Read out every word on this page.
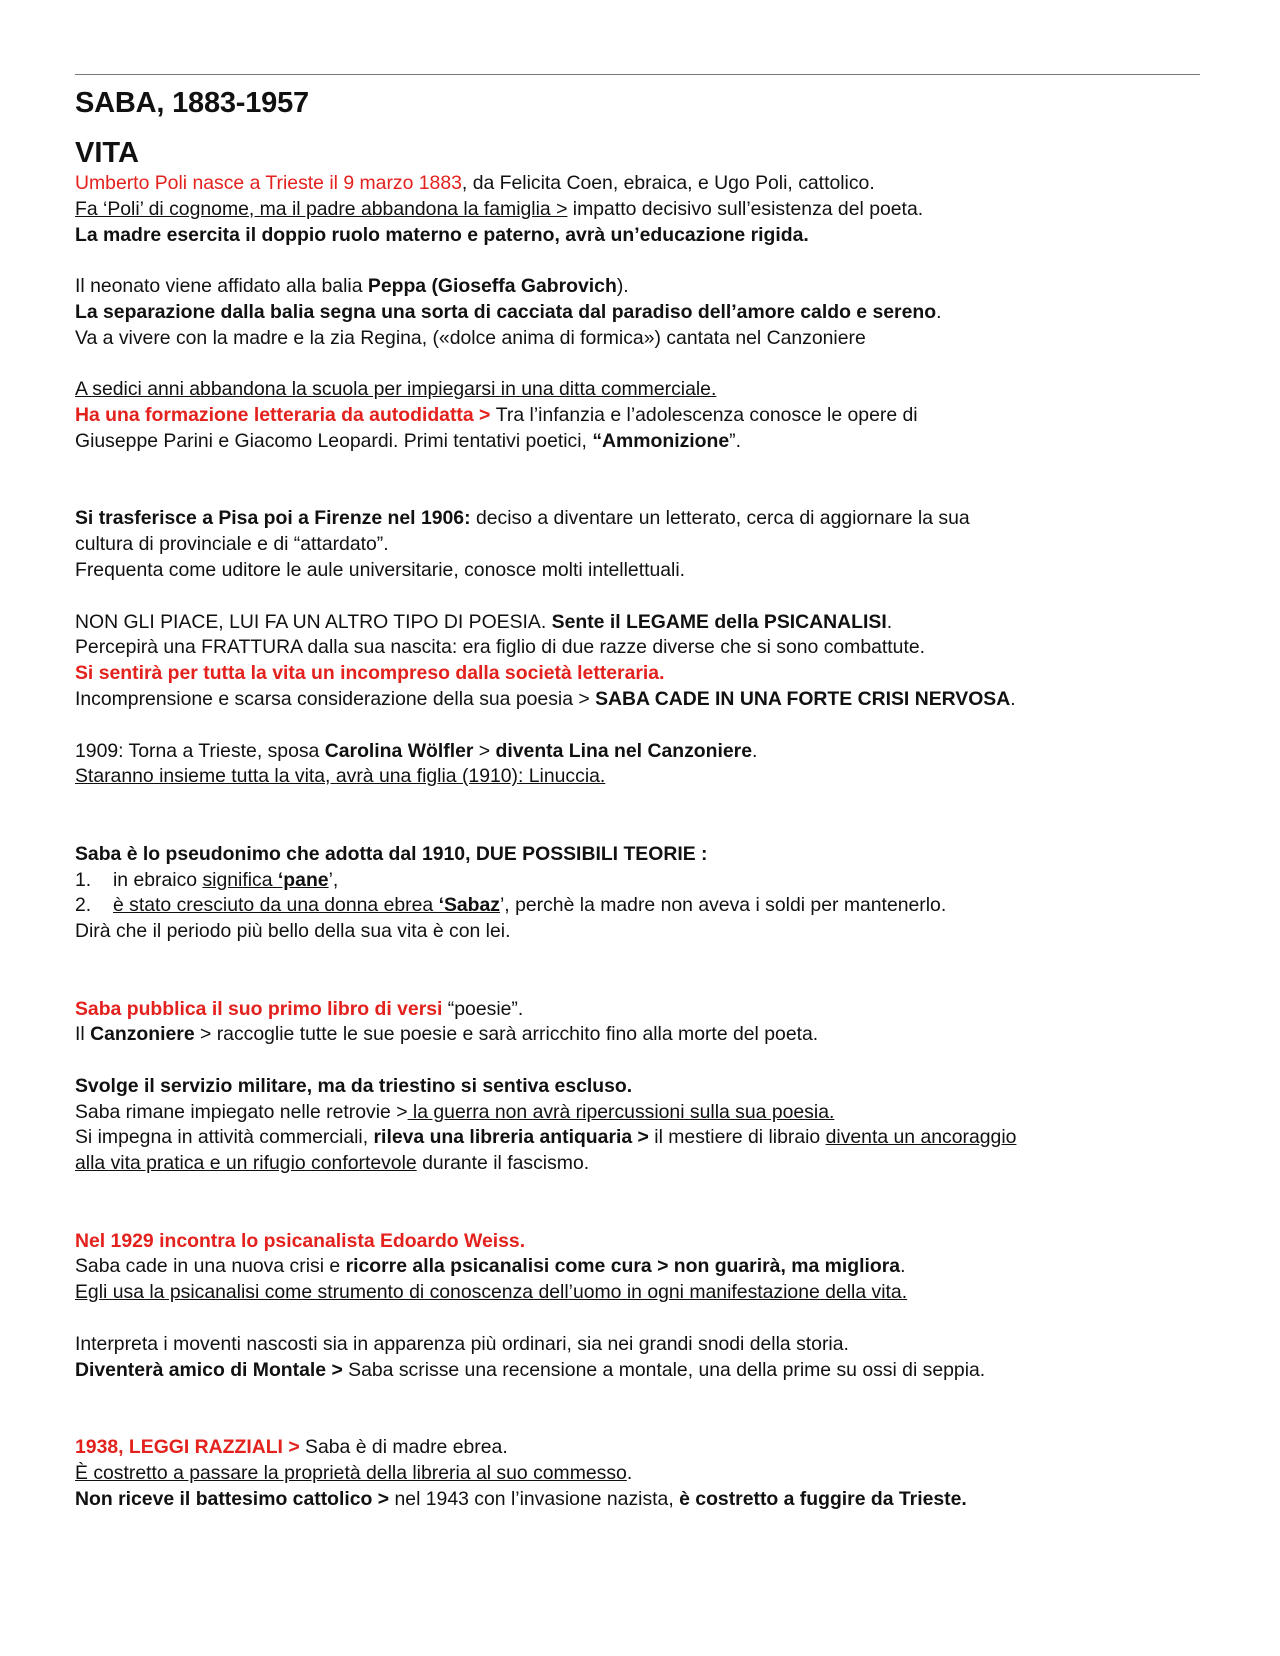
SABA, 1883-1957
VITA

Umberto Poli nasce a Trieste il 9 marzo 1883, da Felicita Coen, ebraica, e Ugo Poli, cattolico.

Fa ‘Poli’ di cognome, ma il padre abbandona la famiglia > impatto decisivo sull’esistenza del poeta.

La madre esercita il doppio ruolo materno e paterno, avrà un’educazione rigida.

Il neonato viene affidato alla balia Peppa (Gioseffa Gabrovich).

La separazione dalla balia segna una sorta di cacciata dal paradiso dell’amore caldo e sereno.

Va a vivere con la madre e la zia Regina, («dolce anima di formica») cantata nel Canzoniere

A sedici anni abbandona la scuola per impiegarsi in una ditta commerciale.

Ha una formazione letteraria da autodidatta > Tra l’infanzia e l’adolescenza conosce le opere di

Giuseppe Parini e Giacomo Leopardi. Primi tentativi poetici, “Ammonizione”.

Si trasferisce a Pisa poi a Firenze nel 1906: deciso a diventare un letterato, cerca di aggiornare la sua

cultura di provinciale e di “attardato”.

Frequenta come uditore le aule universitarie, conosce molti intellettuali.

NON GLI PIACE, LUI FA UN ALTRO TIPO DI POESIA. Sente il LEGAME della PSICANALISI.

Percepirà una FRATTURA dalla sua nascita: era figlio di due razze diverse che si sono combattute.

Si sentirà per tutta la vita un incompreso dalla società letteraria.

Incomprensione e scarsa considerazione della sua poesia > SABA CADE IN UNA FORTE CRISI NERVOSA.

1909: Torna a Trieste, sposa Carolina Wölfler > diventa Lina nel Canzoniere.

Staranno insieme tutta la vita, avrà una figlia (1910): Linuccia.

Saba è lo pseudonimo che adotta dal 1910, DUE POSSIBILI TEORIE :

1. in ebraico significa ‘pane’,

2. è stato cresciuto da una donna ebrea ‘Sabaz’, perchè la madre non aveva i soldi per mantenerlo.

Dirà che il periodo più bello della sua vita è con lei.

Saba pubblica il suo primo libro di versi “poesie”.

Il Canzoniere > raccoglie tutte le sue poesie e sarà arricchito fino alla morte del poeta.

Svolge il servizio militare, ma da triestino si sentiva escluso.

Saba rimane impiegato nelle retrovie > la guerra non avrà ripercussioni sulla sua poesia.

Si impegna in attività commerciali, rileva una libreria antiquaria > il mestiere di libraio diventa un ancoraggio

alla vita pratica e un rifugio confortevole durante il fascismo.

Nel 1929 incontra lo psicanalista Edoardo Weiss.

Saba cade in una nuova crisi e ricorre alla psicanalisi come cura > non guarirà, ma migliora.

Egli usa la psicanalisi come strumento di conoscenza dell’uomo in ogni manifestazione della vita.

Interpreta i moventi nascosti sia in apparenza più ordinari, sia nei grandi snodi della storia.

Diventerà amico di Montale > Saba scrisse una recensione a montale, una della prime su ossi di seppia.

1938, LEGGI RAZZIALI > Saba è di madre ebrea.

È costretto a passare la proprietà della libreria al suo commesso.

Non riceve il battesimo cattolico > nel 1943 con l’invasione nazista, è costretto a fuggire da Trieste.
